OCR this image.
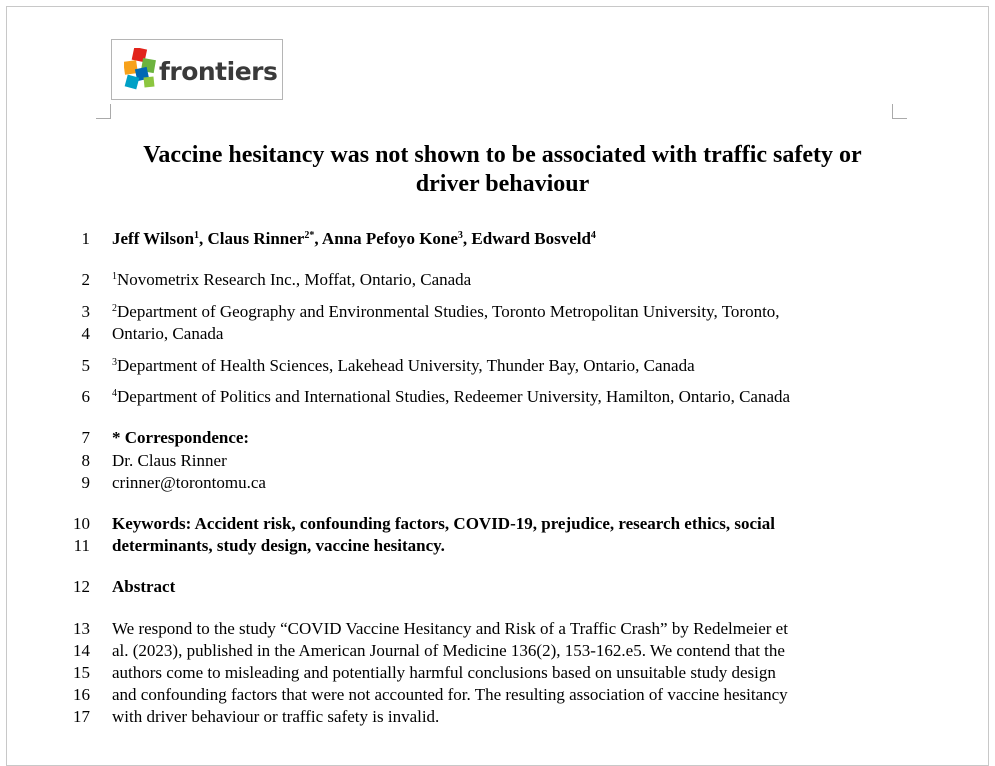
frontiers
Vaccine hesitancy was not shown to be associated with traffic safety or
driver behaviour
1 Jeff Wilson$^1$, Claus Rinner$^{2*}$, Anna Pefoyo Kone$^3$, Edward Bosveld$^4$
2 $^1$Novometrix Research Inc., Moffat, Ontario, Canada
3 $^2$Department of Geography and Environmental Studies, Toronto Metropolitan University, Toronto,
4 Ontario, Canada
5 $^3$Department of Health Sciences, Lakehead University, Thunder Bay, Ontario, Canada
6 $^4$Department of Politics and International Studies, Redeemer University, Hamilton, Ontario, Canada
7 * Correspondence:
8 Dr. Claus Rinner
9 crinner@torontomu.ca
10 Keywords: Accident risk, confounding factors, COVID-19, prejudice, research ethics, social
11 determinants, study design, vaccine hesitancy.
12 Abstract
13 We respond to the study “COVID Vaccine Hesitancy and Risk of a Traffic Crash” by Redelmeier et
14 al. (2023), published in the American Journal of Medicine 136(2), 153-162.e5. We contend that the
15 authors come to misleading and potentially harmful conclusions based on unsuitable study design
16 and confounding factors that were not accounted for. The resulting association of vaccine hesitancy
17 with driver behaviour or traffic safety is invalid.
